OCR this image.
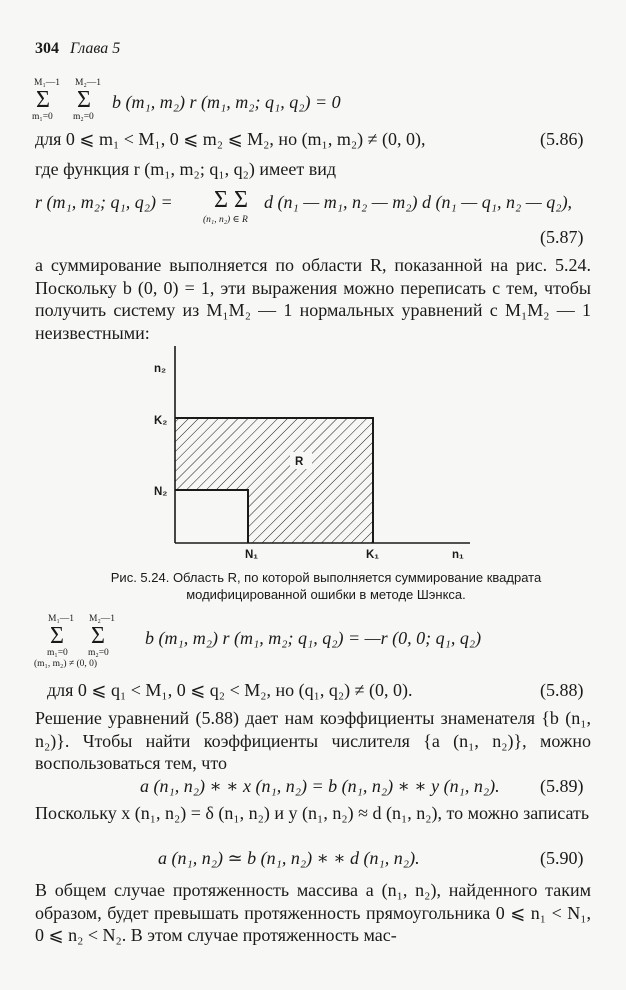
304 Глава 5
M₁—1
Σ
m₁=0
M₂—1
Σ
m₂=0
b (m₁, m₂) r (m₁, m₂; q₁, q₂) = 0
для 0 ⩽ m₁ < M₁, 0 ⩽ m₂ ⩽ M₂, но (m₁, m₂) ≠ (0, 0),	(5.86)
где функция r (m₁, m₂; q₁, q₂) имеет вид
r (m₁, m₂; q₁, q₂) = Σ Σ
(n₁, n₂) ∈ R
d (n₁ — m₁, n₂ — m₂) d (n₁ — q₁, n₂ — q₂),
(5.87)
а суммирование выполняется по области R, показанной на рис. 5.24. Поскольку b (0, 0) = 1, эти выражения можно переписать с тем, чтобы получить систему из M₁M₂ — 1 нормальных уравнений с M₁M₂ — 1 неизвестными:
R
n₂
K₂
N₂
N₁	K₁	n₁
Рис. 5.24. Область R, по которой выполняется суммирование квадрата модифицированной ошибки в методе Шэнкса.
M₁—1
Σ
m₁=0
M₂—1
Σ
m₂=0
(m₁, m₂) ≠ (0, 0)
b (m₁, m₂) r (m₁, m₂; q₁, q₂) = —r (0, 0; q₁, q₂)
для 0 ⩽ q₁ < M₁, 0 ⩽ q₂ < M₂, но (q₁, q₂) ≠ (0, 0).	(5.88)
Решение уравнений (5.88) дает нам коэффициенты знаменателя {b (n₁, n₂)}. Чтобы найти коэффициенты числителя {a (n₁, n₂)}, можно воспользоваться тем, что
a (n₁, n₂) ∗ ∗ x (n₁, n₂) = b (n₁, n₂) ∗ ∗ y (n₁, n₂). (5.89)
Поскольку x (n₁, n₂) = δ (n₁, n₂) и y (n₁, n₂) ≈ d (n₁, n₂), то можно записать
a (n₁, n₂) ≃ b (n₁, n₂) ∗ ∗ d (n₁, n₂).	(5.90)
В общем случае протяженность массива a (n₁, n₂), найденного таким образом, будет превышать протяженность прямоугольника 0 ⩽ n₁ < N₁, 0 ⩽ n₂ < N₂. В этом случае протяженность мас-
